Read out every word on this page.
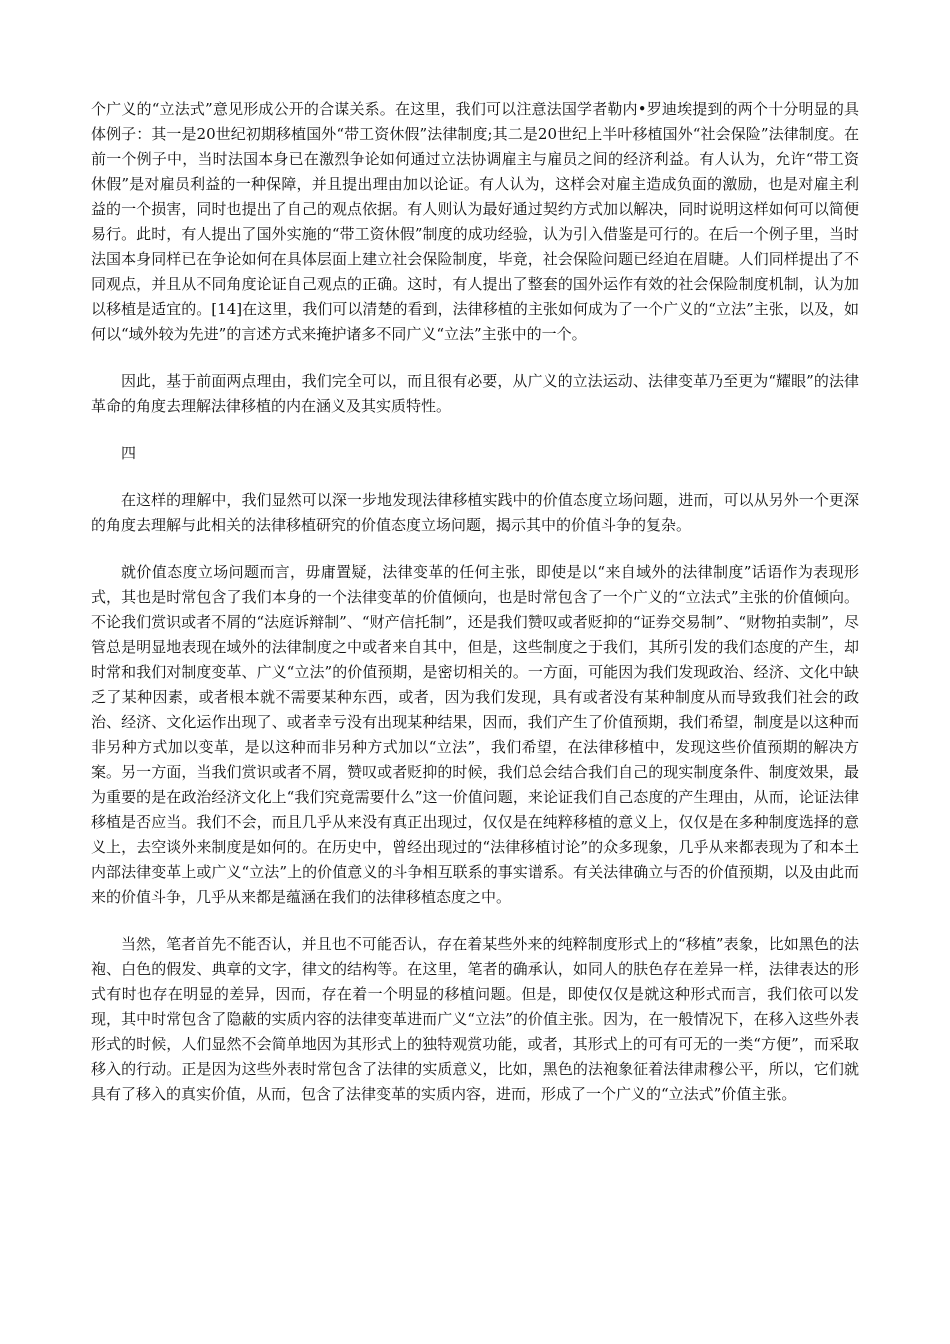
个广义的“立法式”意见形成公开的合谋关系。在这里，我们可以注意法国学者勒内•罗迪埃提到的两个十分明显的具体例子：其一是20世纪初期移植国外“带工资休假”法律制度;其二是20世纪上半叶移植国外“社会保险”法律制度。在前一个例子中，当时法国本身已在激烈争论如何通过立法协调雇主与雇员之间的经济利益。有人认为，允许“带工资休假”是对雇员利益的一种保障，并且提出理由加以论证。有人认为，这样会对雇主造成负面的激励，也是对雇主利益的一个损害，同时也提出了自己的观点依据。有人则认为最好通过契约方式加以解决，同时说明这样如何可以简便易行。此时，有人提出了国外实施的“带工资休假”制度的成功经验，认为引入借鉴是可行的。在后一个例子里，当时法国本身同样已在争论如何在具体层面上建立社会保险制度，毕竟，社会保险问题已经迫在眉睫。人们同样提出了不同观点，并且从不同角度论证自己观点的正确。这时，有人提出了整套的国外运作有效的社会保险制度机制，认为加以移植是适宜的。[14]在这里，我们可以清楚的看到，法律移植的主张如何成为了一个广义的“立法”主张，以及，如何以“域外较为先进”的言述方式来掩护诸多不同广义“立法”主张中的一个。

因此，基于前面两点理由，我们完全可以，而且很有必要，从广义的立法运动、法律变革乃至更为“耀眼”的法律革命的角度去理解法律移植的内在涵义及其实质特性。

四

在这样的理解中，我们显然可以深一步地发现法律移植实践中的价值态度立场问题，进而，可以从另外一个更深的角度去理解与此相关的法律移植研究的价值态度立场问题，揭示其中的价值斗争的复杂。

就价值态度立场问题而言，毋庸置疑，法律变革的任何主张，即使是以“来自域外的法律制度”话语作为表现形式，其也是时常包含了我们本身的一个法律变革的价值倾向，也是时常包含了一个广义的“立法式”主张的价值倾向。不论我们赏识或者不屑的“法庭诉辩制”、“财产信托制”，还是我们赞叹或者贬抑的“证券交易制”、“财物拍卖制”，尽管总是明显地表现在域外的法律制度之中或者来自其中，但是，这些制度之于我们，其所引发的我们态度的产生，却时常和我们对制度变革、广义“立法”的价值预期，是密切相关的。一方面，可能因为我们发现政治、经济、文化中缺乏了某种因素，或者根本就不需要某种东西，或者，因为我们发现，具有或者没有某种制度从而导致我们社会的政治、经济、文化运作出现了、或者幸亏没有出现某种结果，因而，我们产生了价值预期，我们希望，制度是以这种而非另种方式加以变革，是以这种而非另种方式加以“立法”，我们希望，在法律移植中，发现这些价值预期的解决方案。另一方面，当我们赏识或者不屑，赞叹或者贬抑的时候，我们总会结合我们自己的现实制度条件、制度效果，最为重要的是在政治经济文化上“我们究竟需要什么”这一价值问题，来论证我们自己态度的产生理由，从而，论证法律移植是否应当。我们不会，而且几乎从来没有真正出现过，仅仅是在纯粹移植的意义上，仅仅是在多种制度选择的意义上，去空谈外来制度是如何的。在历史中，曾经出现过的“法律移植讨论”的众多现象，几乎从来都表现为了和本土内部法律变革上或广义“立法”上的价值意义的斗争相互联系的事实谱系。有关法律确立与否的价值预期，以及由此而来的价值斗争，几乎从来都是蕴涵在我们的法律移植态度之中。

当然，笔者首先不能否认，并且也不可能否认，存在着某些外来的纯粹制度形式上的“移植”表象，比如黑色的法袍、白色的假发、典章的文字，律文的结构等。在这里，笔者的确承认，如同人的肤色存在差异一样，法律表达的形式有时也存在明显的差异，因而，存在着一个明显的移植问题。但是，即使仅仅是就这种形式而言，我们依可以发现，其中时常包含了隐蔽的实质内容的法律变革进而广义“立法”的价值主张。因为，在一般情况下，在移入这些外表形式的时候，人们显然不会简单地因为其形式上的独特观赏功能，或者，其形式上的可有可无的一类“方便”，而采取移入的行动。正是因为这些外表时常包含了法律的实质意义，比如，黑色的法袍象征着法律肃穆公平，所以，它们就具有了移入的真实价值，从而，包含了法律变革的实质内容，进而，形成了一个广义的“立法式”价值主张。
